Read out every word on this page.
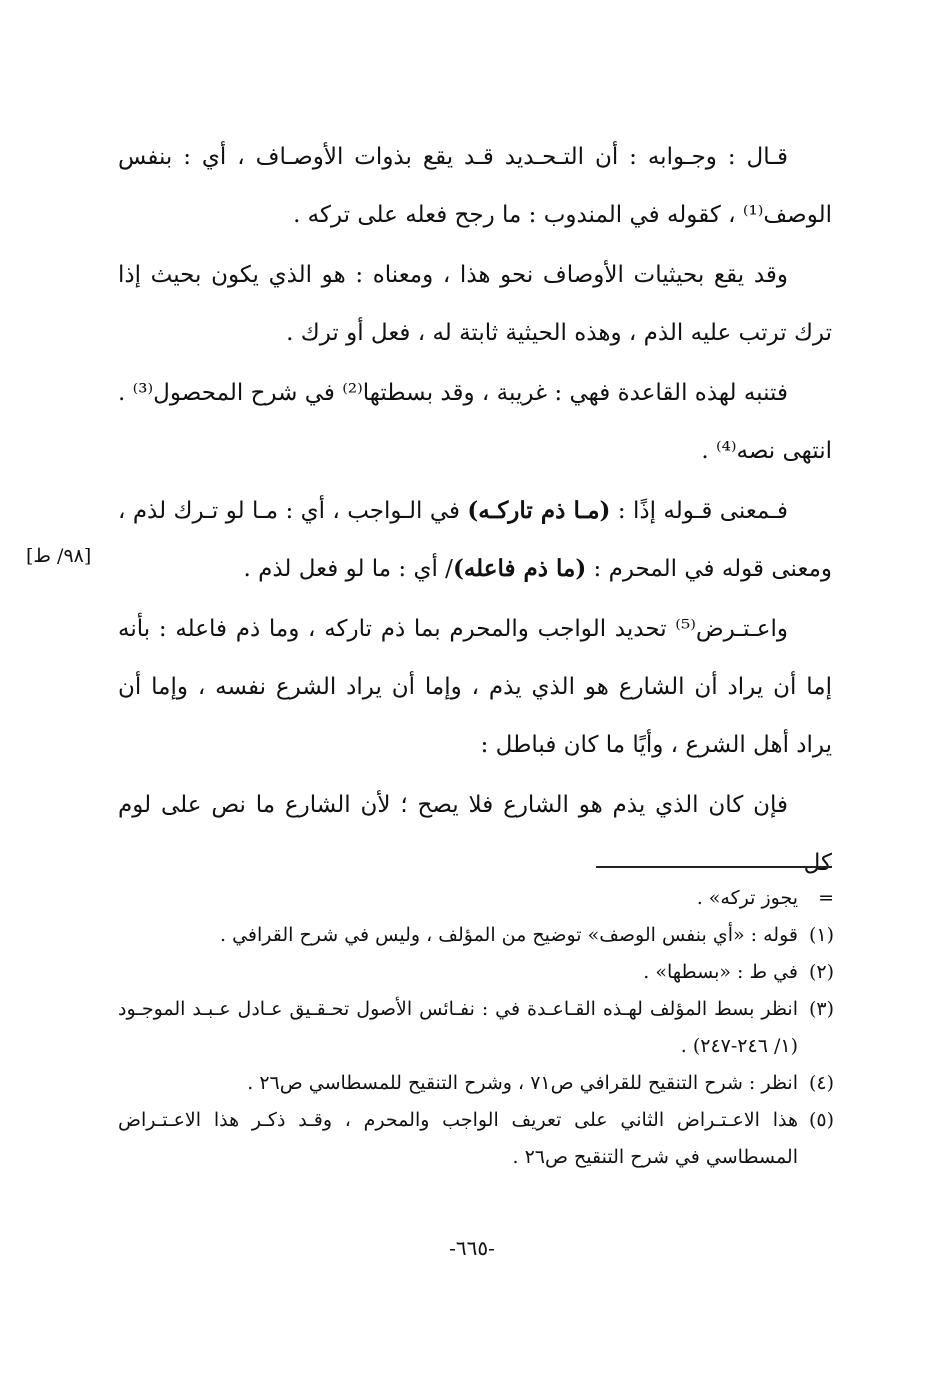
قـال : وجـوابه : أن التـحـديد قـد يقع بذوات الأوصـاف ، أي : بنفس الوصف⁽¹⁾ ، كقوله في المندوب : ما رجح فعله على تركه .

وقد يقع بحيثيات الأوصاف نحو هذا ، ومعناه : هو الذي يكون بحيث إذا ترك ترتب عليه الذم ، وهذه الحيثية ثابتة له ، فعل أو ترك .

فتنبه لهذه القاعدة فهي : غريبة ، وقد بسطتها⁽²⁾ في شرح المحصول⁽³⁾ . انتهى نصه⁽⁴⁾ .

فـمعنى قـوله إذًا : (مـا ذم تاركـه) في الـواجب ، أي : مـا لو تـرك لذم ، ومعنى قوله في المحرم : (ما ذم فاعله)/ أي : ما لو فعل لذم .

واعـتـرض⁽⁵⁾ تحديد الواجب والمحرم بما ذم تاركه ، وما ذم فاعله : بأنه إما أن يراد أن الشارع هو الذي يذم ، وإما أن يراد الشرع نفسه ، وإما أن يراد أهل الشرع ، وأيًا ما كان فباطل :

فإن كان الذي يذم هو الشارع فلا يصح ؛ لأن الشارع ما نص على لوم كل

[٩٨/ ط]
=
يجوز تركه» .
(١)
قوله : «أي بنفس الوصف» توضيح من المؤلف ، وليس في شرح القرافي .
(٢)
في ط : «بسطها» .
(٣)
انظر بسط المؤلف لهـذه القـاعـدة في : نفـائس الأصول تحـقـيق عـادل عـبـد الموجـود (١/ ٢٤٦-٢٤٧) .
(٤)
انظر : شرح التنقيح للقرافي ص٧١ ، وشرح التنقيح للمسطاسي ص٢٦ .
(٥)
هذا الاعـتـراض الثاني على تعريف الواجب والمحرم ، وقـد ذكـر هذا الاعـتـراض المسطاسي في شرح التنقيح ص٢٦ .
-٦٦٥-
